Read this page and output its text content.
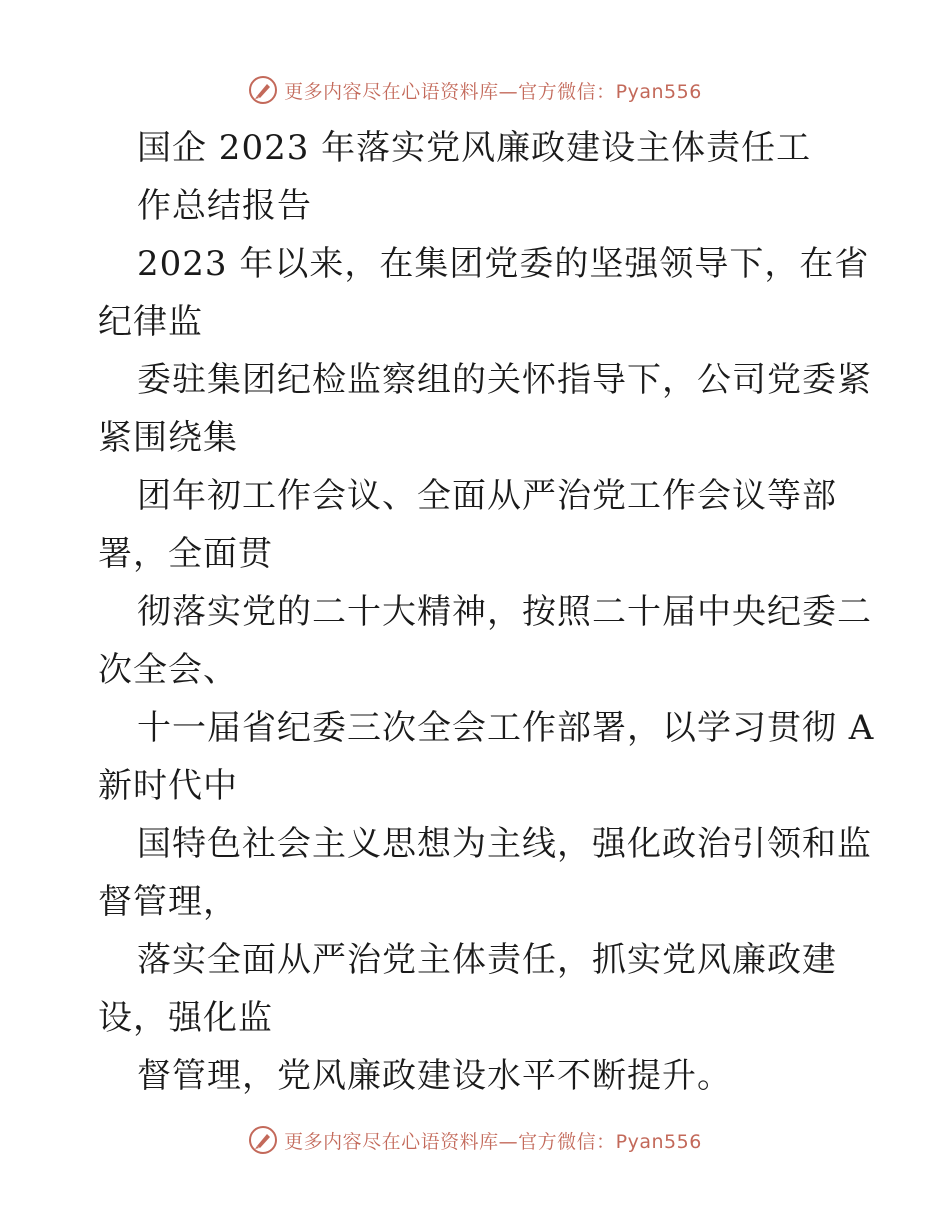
更多内容尽在心语资料库—官方微信：Pyan556
国企 2023 年落实党风廉政建设主体责任工
作总结报告
2023 年以来，在集团党委的坚强领导下，在省
纪律监
委驻集团纪检监察组的关怀指导下，公司党委紧
紧围绕集
团年初工作会议、全面从严治党工作会议等部
署，全面贯
彻落实党的二十大精神，按照二十届中央纪委二
次全会、
十一届省纪委三次全会工作部署，以学习贯彻 A
新时代中
国特色社会主义思想为主线，强化政治引领和监
督管理，
落实全面从严治党主体责任，抓实党风廉政建
设，强化监
督管理，党风廉政建设水平不断提升。
更多内容尽在心语资料库—官方微信：Pyan556
